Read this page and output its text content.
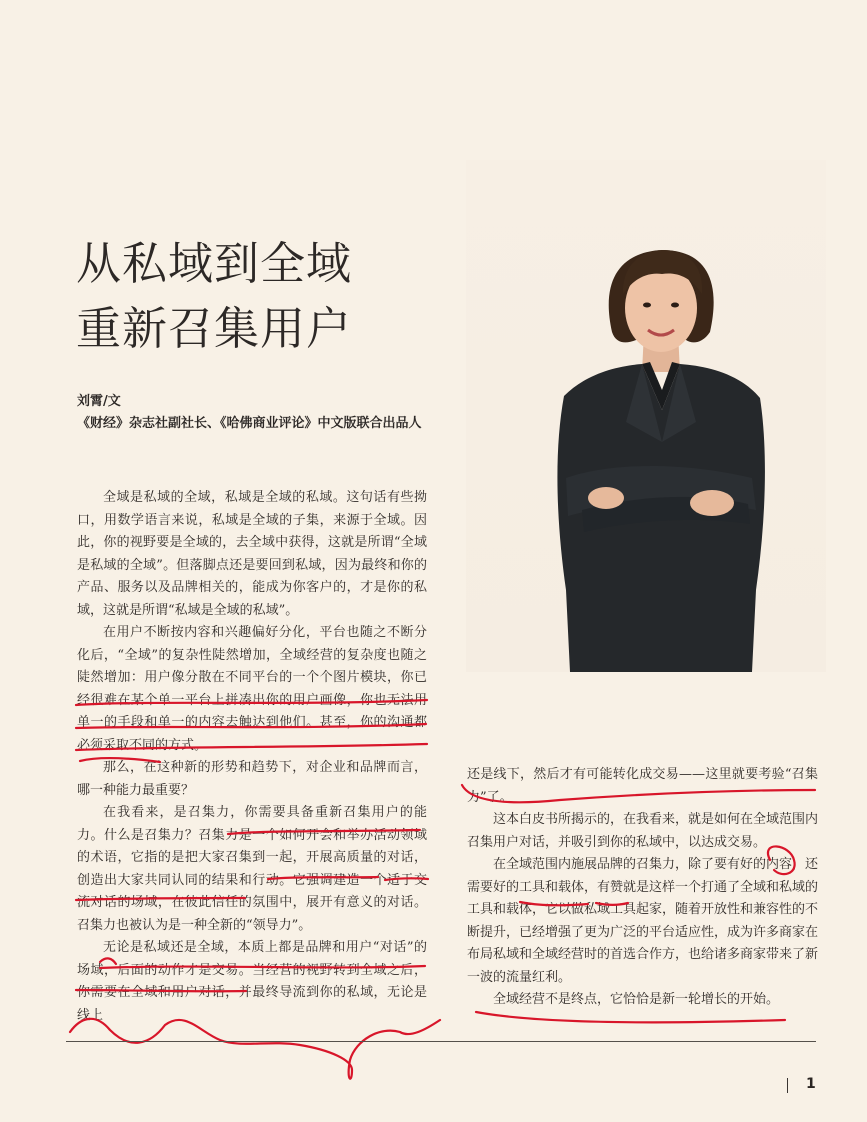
从私域到全域
重新召集用户
刘霄/文
《财经》杂志社副社长、《哈佛商业评论》中文版联合出品人

全域是私域的全域，私域是全域的私域。这句话有些拗口，用数学语言来说，私域是全域的子集，来源于全域。因此，你的视野要是全域的，去全域中获得，这就是所谓“全域是私域的全域”。但落脚点还是要回到私域，因为最终和你的产品、服务以及品牌相关的，能成为你客户的，才是你的私域，这就是所谓“私域是全域的私域”。

在用户不断按内容和兴趣偏好分化，平台也随之不断分化后，“全域”的复杂性陡然增加，全域经营的复杂度也随之陡然增加：用户像分散在不同平台的一个个图片模块，你已经很难在某个单一平台上拼凑出你的用户画像，你也无法用单一的手段和单一的内容去触达到他们。甚至，你的沟通都必须采取不同的方式。

那么，在这种新的形势和趋势下，对企业和品牌而言，哪一种能力最重要？

在我看来，是召集力，你需要具备重新召集用户的能力。什么是召集力？召集力是一个如何开会和举办活动领域的术语，它指的是把大家召集到一起，开展高质量的对话，创造出大家共同认同的结果和行动。它强调建造一个适于交流对话的场域，在彼此信任的氛围中，展开有意义的对话。召集力也被认为是一种全新的“领导力”。

无论是私域还是全域，本质上都是品牌和用户“对话”的场域，后面的动作才是交易。当经营的视野转到全域之后，你需要在全域和用户对话，并最终导流到你的私域，无论是线上

还是线下，然后才有可能转化成交易——这里就要考验“召集力”了。

这本白皮书所揭示的，在我看来，就是如何在全域范围内召集用户对话，并吸引到你的私域中，以达成交易。

在全域范围内施展品牌的召集力，除了要有好的内容，还需要好的工具和载体，有赞就是这样一个打通了全域和私域的工具和载体，它以做私域工具起家，随着开放性和兼容性的不断提升，已经增强了更为广泛的平台适应性，成为许多商家在布局私域和全域经营时的首选合作方，也给诸多商家带来了新一波的流量红利。

全域经营不是终点，它恰恰是新一轮增长的开始。

1
